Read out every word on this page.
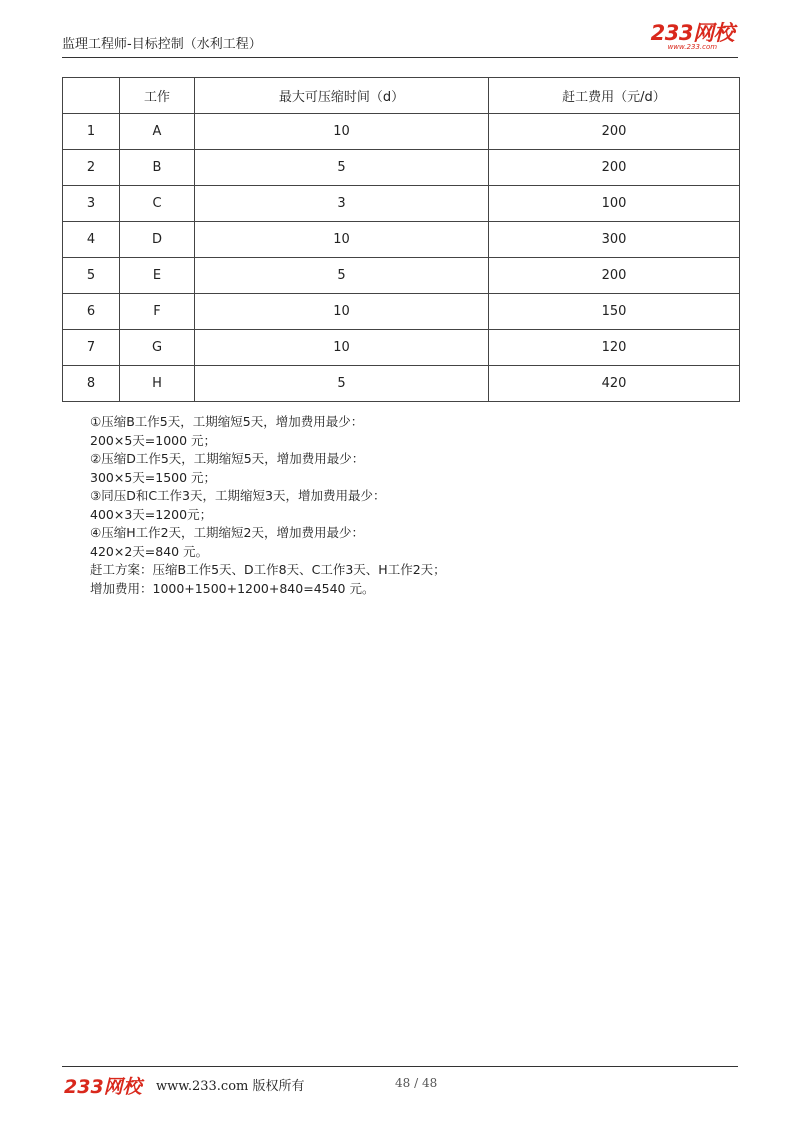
监理工程师-目标控制（水利工程）	233网校
www.233.com
	工作	最大可压缩时间（d）	赶工费用（元/d）
1	A	10	200
2	B	5	200
3	C	3	100
4	D	10	300
5	E	5	200
6	F	10	150
7	G	10	120
8	H	5	420
①压缩B工作5天，工期缩短5天，增加费用最少：
200×5天=1000 元；
②压缩D工作5天，工期缩短5天，增加费用最少：
300×5天=1500 元；
③同压D和C工作3天，工期缩短3天，增加费用最少：
400×3天=1200元；
④压缩H工作2天，工期缩短2天，增加费用最少：
420×2天=840 元。
赶工方案：压缩B工作5天、D工作8天、C工作3天、H工作2天；
增加费用：1000+1500+1200+840=4540 元。
233网校 www.233.com 版权所有	48 / 48
